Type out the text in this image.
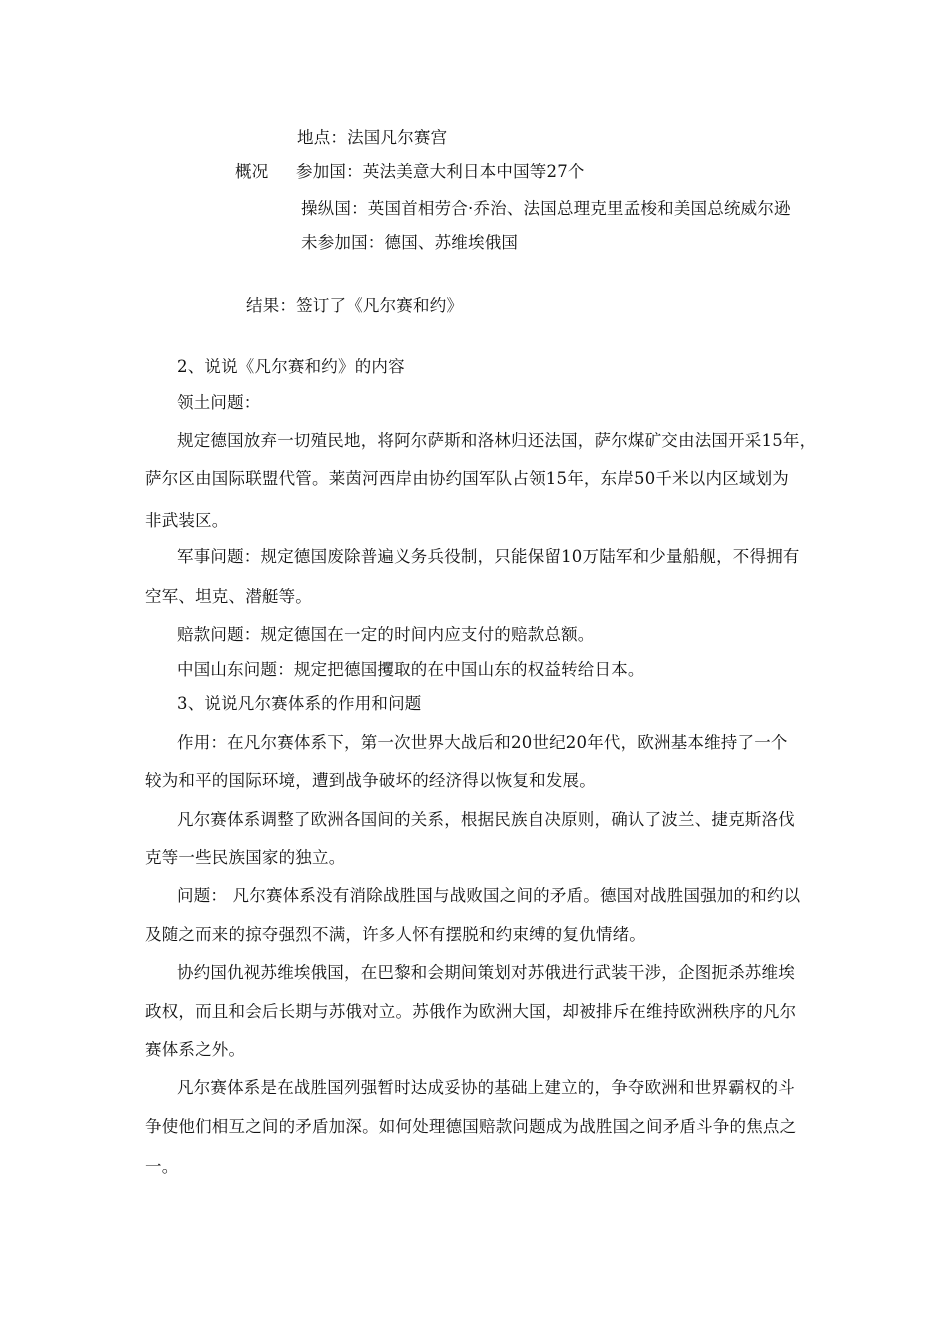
地点：法国凡尔赛宫
概况 参加国：英法美意大利日本中国等27个
操纵国：英国首相劳合·乔治、法国总理克里孟梭和美国总统威尔逊
未参加国：德国、苏维埃俄国
结果：签订了《凡尔赛和约》
2、说说《凡尔赛和约》的内容
领土问题：
规定德国放弃一切殖民地，将阿尔萨斯和洛林归还法国，萨尔煤矿交由法国开采15年，
萨尔区由国际联盟代管。莱茵河西岸由协约国军队占领15年，东岸50千米以内区域划为
非武装区。
军事问题：规定德国废除普遍义务兵役制，只能保留10万陆军和少量船舰，不得拥有
空军、坦克、潜艇等。
赔款问题：规定德国在一定的时间内应支付的赔款总额。
中国山东问题：规定把德国攫取的在中国山东的权益转给日本。
3、说说凡尔赛体系的作用和问题
作用：在凡尔赛体系下，第一次世界大战后和20世纪20年代，欧洲基本维持了一个
较为和平的国际环境，遭到战争破坏的经济得以恢复和发展。
凡尔赛体系调整了欧洲各国间的关系，根据民族自决原则，确认了波兰、捷克斯洛伐
克等一些民族国家的独立。
问题： 凡尔赛体系没有消除战胜国与战败国之间的矛盾。德国对战胜国强加的和约以
及随之而来的掠夺强烈不满，许多人怀有摆脱和约束缚的复仇情绪。
协约国仇视苏维埃俄国，在巴黎和会期间策划对苏俄进行武装干涉，企图扼杀苏维埃
政权，而且和会后长期与苏俄对立。苏俄作为欧洲大国，却被排斥在维持欧洲秩序的凡尔
赛体系之外。
凡尔赛体系是在战胜国列强暂时达成妥协的基础上建立的，争夺欧洲和世界霸权的斗
争使他们相互之间的矛盾加深。如何处理德国赔款问题成为战胜国之间矛盾斗争的焦点之
一。
